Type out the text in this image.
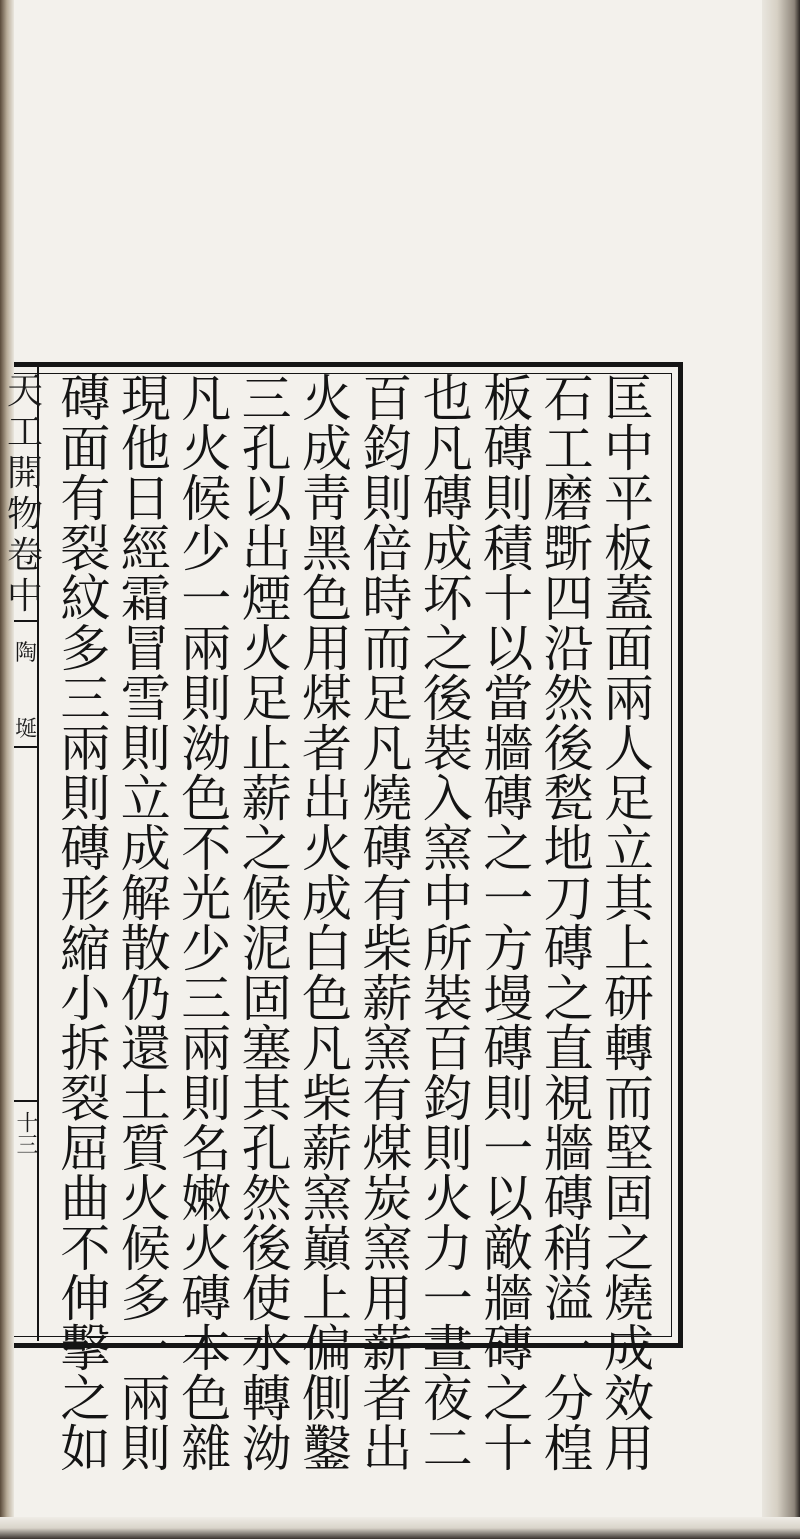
天
工
開
物
卷
中
陶
埏
十三
匡
中
平
板
蓋
面
兩
人
足
立
其
上
研
轉
而
堅
固
之
燒
成
效
用
石
工
磨
斲
四
沿
然
後
甃
地
刀
磚
之
直
視
牆
磚
稍
溢
一
分
楻
板
磚
則
積
十
以
當
牆
磚
之
一
方
墁
磚
則
一
以
敵
牆
磚
之
十
也
凡
磚
成
坏
之
後
裝
入
窯
中
所
裝
百
鈞
則
火
力
一
晝
夜
二
百
鈞
則
倍
時
而
足
凡
燒
磚
有
柴
薪
窯
有
煤
炭
窯
用
薪
者
出
火
成
靑
黑
色
用
煤
者
出
火
成
白
色
凡
柴
薪
窯
巔
上
偏
側
鑿
三
孔
以
出
煙
火
足
止
薪
之
候
泥
固
塞
其
孔
然
後
使
水
轉
泑
凡
火
候
少
一
兩
則
泑
色
不
光
少
三
兩
則
名
嫩
火
磚
本
色
雜
現
他
日
經
霜
冒
雪
則
立
成
解
散
仍
還
土
質
火
候
多
一
兩
則
磚
面
有
裂
紋
多
三
兩
則
磚
形
縮
小
拆
裂
屈
曲
不
伸
擊
之
如
